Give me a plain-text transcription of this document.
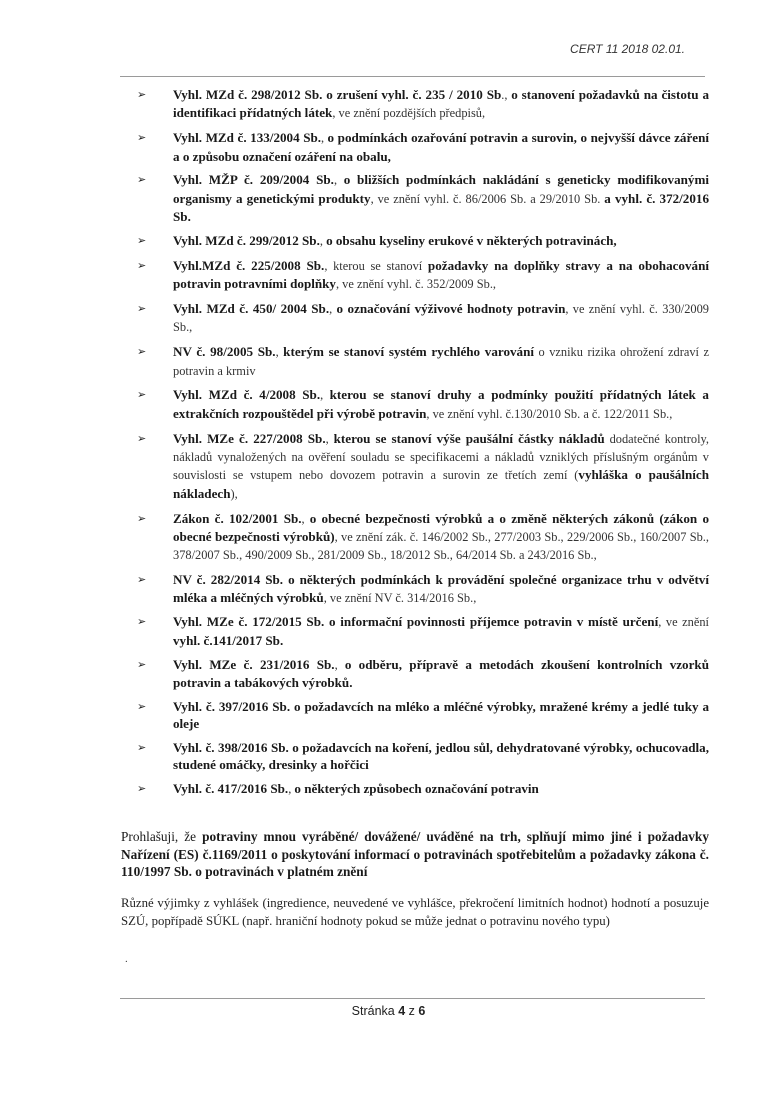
CERT 11 2018 02.01.
➢	Vyhl. MZd č. 298/2012 Sb. o zrušení vyhl. č. 235 / 2010 Sb., o stanovení požadavků na čistotu a identifikaci přídatných látek, ve znění pozdějších předpisů,
➢	Vyhl. MZd č. 133/2004 Sb., o podmínkách ozařování potravin a surovin, o nejvyšší dávce záření a o způsobu označení ozáření na obalu,
➢	Vyhl. MŽP č. 209/2004 Sb., o bližších podmínkách nakládání s geneticky modifikovanými organismy a genetickými produkty, ve znění vyhl. č. 86/2006 Sb. a 29/2010 Sb. a vyhl. č. 372/2016 Sb.
➢	Vyhl. MZd č. 299/2012 Sb., o obsahu kyseliny erukové v některých potravinách,
➢	Vyhl.MZd č. 225/2008 Sb., kterou se stanoví požadavky na doplňky stravy a na obohacování potravin potravními doplňky, ve znění vyhl. č. 352/2009 Sb.,
➢	Vyhl. MZd č. 450/ 2004 Sb., o označování výživové hodnoty potravin, ve znění vyhl. č. 330/2009 Sb.,
➢	NV č. 98/2005 Sb., kterým se stanoví systém rychlého varování o vzniku rizika ohrožení zdraví z potravin a krmiv
➢	Vyhl. MZd č. 4/2008 Sb., kterou se stanoví druhy a podmínky použití přídatných látek a extrakčních rozpouštědel při výrobě potravin, ve znění vyhl. č.130/2010 Sb. a č. 122/2011 Sb.,
➢	Vyhl. MZe č. 227/2008 Sb., kterou se stanoví výše paušální částky nákladů dodatečné kontroly, nákladů vynaložených na ověření souladu se specifikacemi a nákladů vzniklých příslušným orgánům v souvislosti se vstupem nebo dovozem potravin a surovin ze třetích zemí (vyhláška o paušálních nákladech),
➢	Zákon č. 102/2001 Sb., o obecné bezpečnosti výrobků a o změně některých zákonů (zákon o obecné bezpečnosti výrobků), ve znění zák. č. 146/2002 Sb., 277/2003 Sb., 229/2006 Sb., 160/2007 Sb., 378/2007 Sb., 490/2009 Sb., 281/2009 Sb., 18/2012 Sb., 64/2014 Sb. a 243/2016 Sb.,
➢	NV č. 282/2014 Sb. o některých podmínkách k provádění společné organizace trhu v odvětví mléka a mléčných výrobků, ve znění NV č. 314/2016 Sb.,
➢	Vyhl. MZe č. 172/2015 Sb. o informační povinnosti příjemce potravin v místě určení, ve znění vyhl. č.141/2017 Sb.
➢	Vyhl. MZe č. 231/2016 Sb., o odběru, přípravě a metodách zkoušení kontrolních vzorků potravin a tabákových výrobků.
➢	Vyhl. č. 397/2016 Sb. o požadavcích na mléko a mléčné výrobky, mražené krémy a jedlé tuky a oleje
➢	Vyhl. č. 398/2016 Sb. o požadavcích na koření, jedlou sůl, dehydratované výrobky, ochucovadla, studené omáčky, dresinky a hořčici
➢	Vyhl. č. 417/2016 Sb., o některých způsobech označování potravin

Prohlašuji, že potraviny mnou vyráběné/ dovážené/ uváděné na trh, splňují mimo jiné i požadavky Nařízení (ES) č.1169/2011 o poskytování informací o potravinách spotřebitelům a požadavky zákona č. 110/1997 Sb. o potravinách v platném znění

Různé výjimky z vyhlášek (ingredience, neuvedené ve vyhlášce, překročení limitních hodnot) hodnotí a posuzuje SZÚ, popřípadě SÚKL (např. hraniční hodnoty pokud se může jednat o potravinu nového typu)

.
Stránka 4 z 6
